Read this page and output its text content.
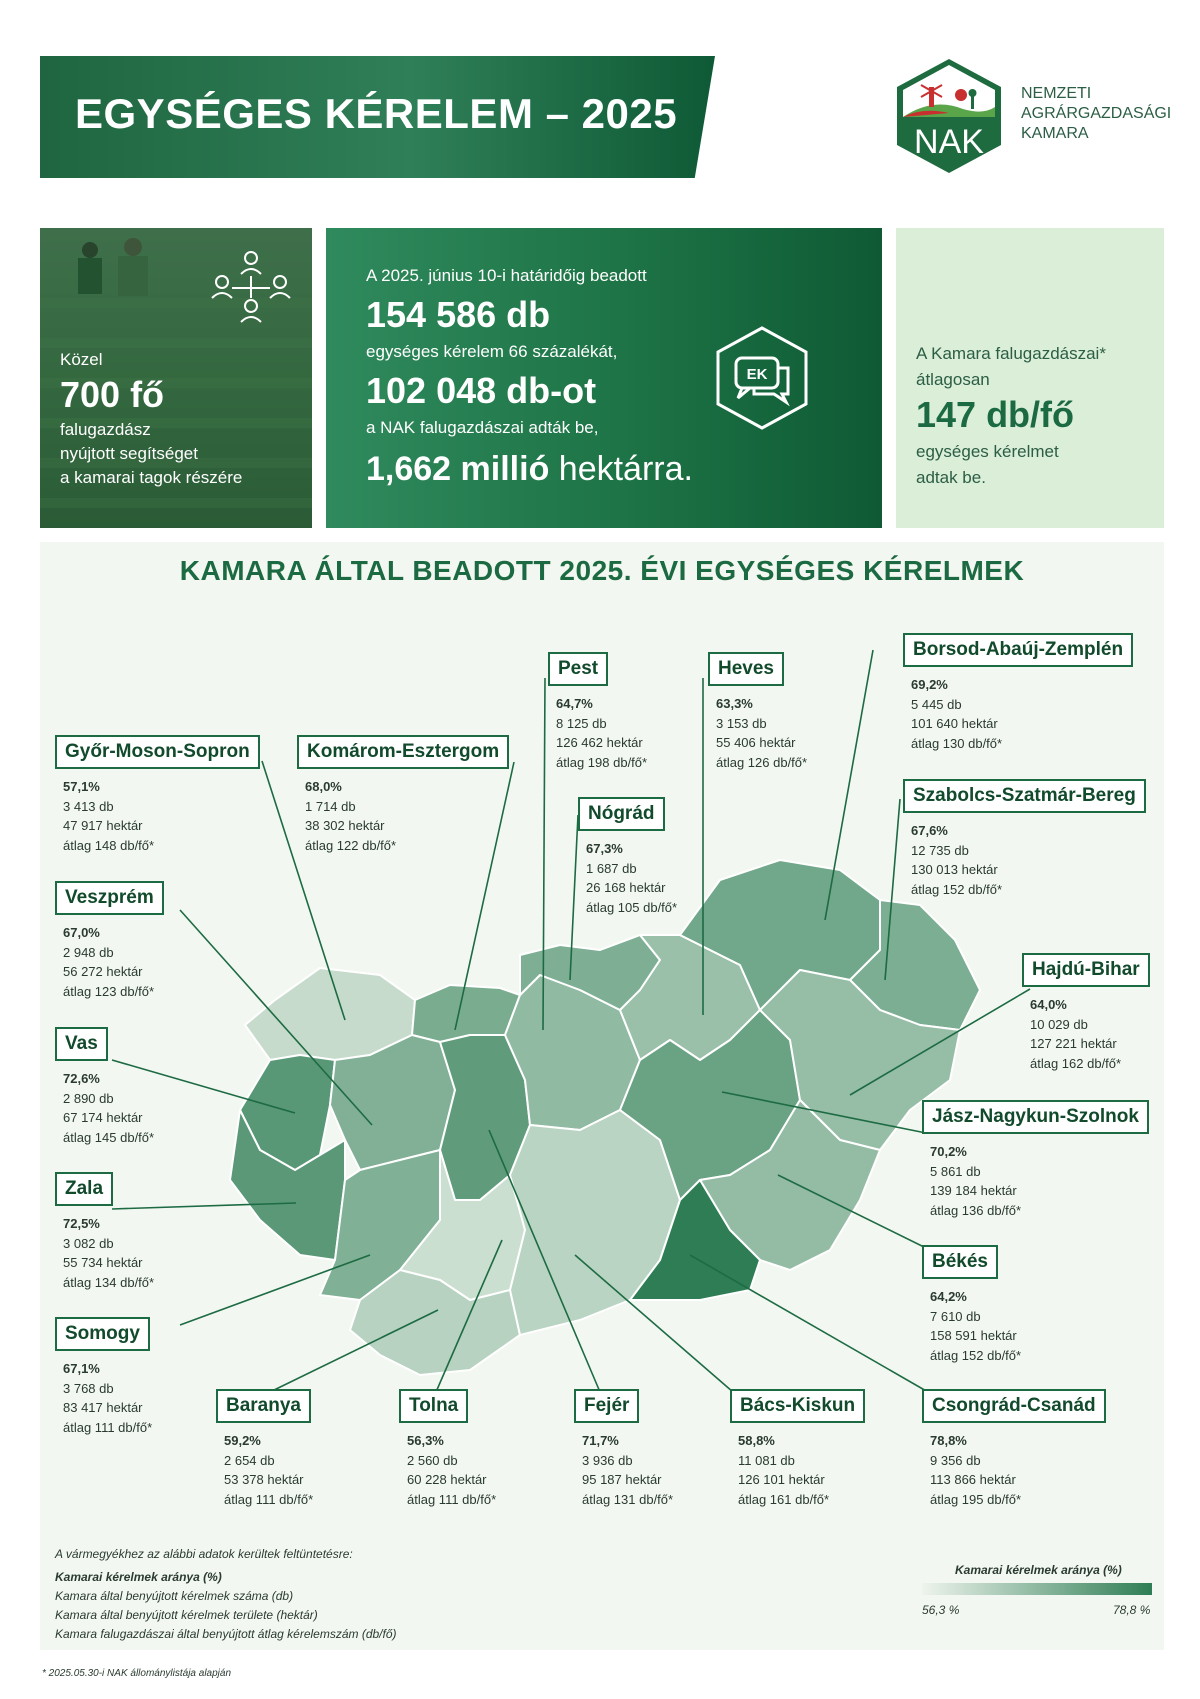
EGYSÉGES KÉRELEM – 2025
NAK
NEMZETI
AGRÁRGAZDASÁGI
KAMARA
Közel
700 fő
falugazdász
nyújtott segítséget
a kamarai tagok részére
A 2025. június 10-i határidőig beadott
154 586 db
egységes kérelem 66 százalékát,
102 048 db-ot
a NAK falugazdászai adták be,
1,662 millió hektárra.
EK
A Kamara falugazdászai*
átlagosan
147 db/fő
egységes kérelmet
adtak be.
KAMARA ÁLTAL BEADOTT 2025. ÉVI EGYSÉGES KÉRELMEK
Győr-Moson-Sopron
57,1%
3 413 db
47 917 hektár
átlag 148 db/fő*
Komárom-Esztergom
68,0%
1 714 db
38 302 hektár
átlag 122 db/fő*
Pest
64,7%
8 125 db
126 462 hektár
átlag 198 db/fő*
Heves
63,3%
3 153 db
55 406 hektár
átlag 126 db/fő*
Borsod-Abaúj-Zemplén
69,2%
5 445 db
101 640 hektár
átlag 130 db/fő*
Nógrád
67,3%
1 687 db
26 168 hektár
átlag 105 db/fő*
Szabolcs-Szatmár-Bereg
67,6%
12 735 db
130 013 hektár
átlag 152 db/fő*
Veszprém
67,0%
2 948 db
56 272 hektár
átlag 123 db/fő*
Hajdú-Bihar
64,0%
10 029 db
127 221 hektár
átlag 162 db/fő*
Vas
72,6%
2 890 db
67 174 hektár
átlag 145 db/fő*
Jász-Nagykun-Szolnok
70,2%
5 861 db
139 184 hektár
átlag 136 db/fő*
Zala
72,5%
3 082 db
55 734 hektár
átlag 134 db/fő*
Békés
64,2%
7 610 db
158 591 hektár
átlag 152 db/fő*
Somogy
67,1%
3 768 db
83 417 hektár
átlag 111 db/fő*
Baranya
59,2%
2 654 db
53 378 hektár
átlag 111 db/fő*
Tolna
56,3%
2 560 db
60 228 hektár
átlag 111 db/fő*
Fejér
71,7%
3 936 db
95 187 hektár
átlag 131 db/fő*
Bács-Kiskun
58,8%
11 081 db
126 101 hektár
átlag 161 db/fő*
Csongrád-Csanád
78,8%
9 356 db
113 866 hektár
átlag 195 db/fő*
A vármegyékhez az alábbi adatok kerültek feltüntetésre:
Kamarai kérelmek aránya (%)
Kamara által benyújtott kérelmek száma (db)
Kamara által benyújtott kérelmek területe (hektár)
Kamara falugazdászai által benyújtott átlag kérelemszám (db/fő)
Kamarai kérelmek aránya (%)
56,3 %	78,8 %
* 2025.05.30-i NAK állománylistája alapján
